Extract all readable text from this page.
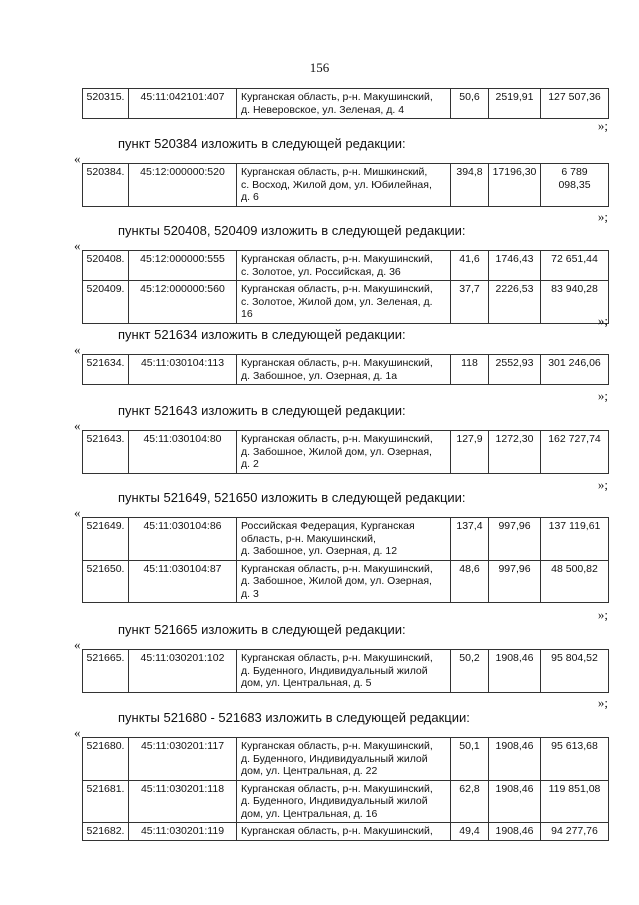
156
520315.	45:11:042101:407	Курганская область, р-н. Макушинский,
д. Неверовское, ул. Зеленая, д. 4
	50,6	2519,91	127 507,36
»;
пункт 520384 изложить в следующей редакции:
«
520384.	45:12:000000:520	Курганская область, р-н. Мишкинский,
с. Восход, Жилой дом, ул. Юбилейная,
д. 6
	394,8	17196,30	6 789 098,35
»;
пункты 520408, 520409 изложить в следующей редакции:
«
520408.	45:12:000000:555	Курганская область, р-н. Макушинский,
с. Золотое, ул. Российская, д. 36	41,6	1746,43	72 651,44
520409.	45:12:000000:560	Курганская область, р-н. Макушинский,
с. Золотое, Жилой дом, ул. Зеленая, д. 16	37,7	2226,53	83 940,28
»;
пункт 521634 изложить в следующей редакции:
«
521634.	45:11:030104:113	Курганская область, р-н. Макушинский,
д. Забошное, ул. Озерная, д. 1а
	118	2552,93	301 246,06
»;
пункт 521643 изложить в следующей редакции:
«
521643.	45:11:030104:80	Курганская область, р-н. Макушинский,
д. Забошное, Жилой дом, ул. Озерная,
д. 2
	127,9	1272,30	162 727,74
»;
пункты 521649, 521650 изложить в следующей редакции:
«
521649.	45:11:030104:86	Российская Федерация, Курганская
область, р-н. Макушинский,
д. Забошное, ул. Озерная, д. 12	137,4	997,96	137 119,61
521650.	45:11:030104:87	Курганская область, р-н. Макушинский,
д. Забошное, Жилой дом, ул. Озерная,
д. 3	48,6	997,96	48 500,82
»;
пункт 521665 изложить в следующей редакции:
«
521665.	45:11:030201:102	Курганская область, р-н. Макушинский,
д. Буденного, Индивидуальный жилой
дом, ул. Центральная, д. 5
	50,2	1908,46	95 804,52
»;
пункты 521680 - 521683 изложить в следующей редакции:
«
521680.	45:11:030201:117	Курганская область, р-н. Макушинский,
д. Буденного, Индивидуальный жилой
дом, ул. Центральная, д. 22	50,1	1908,46	95 613,68
521681.	45:11:030201:118	Курганская область, р-н. Макушинский,
д. Буденного, Индивидуальный жилой
дом, ул. Центральная, д. 16	62,8	1908,46	119 851,08
521682.	45:11:030201:119	Курганская область, р-н. Макушинский,	49,4	1908,46	94 277,76
